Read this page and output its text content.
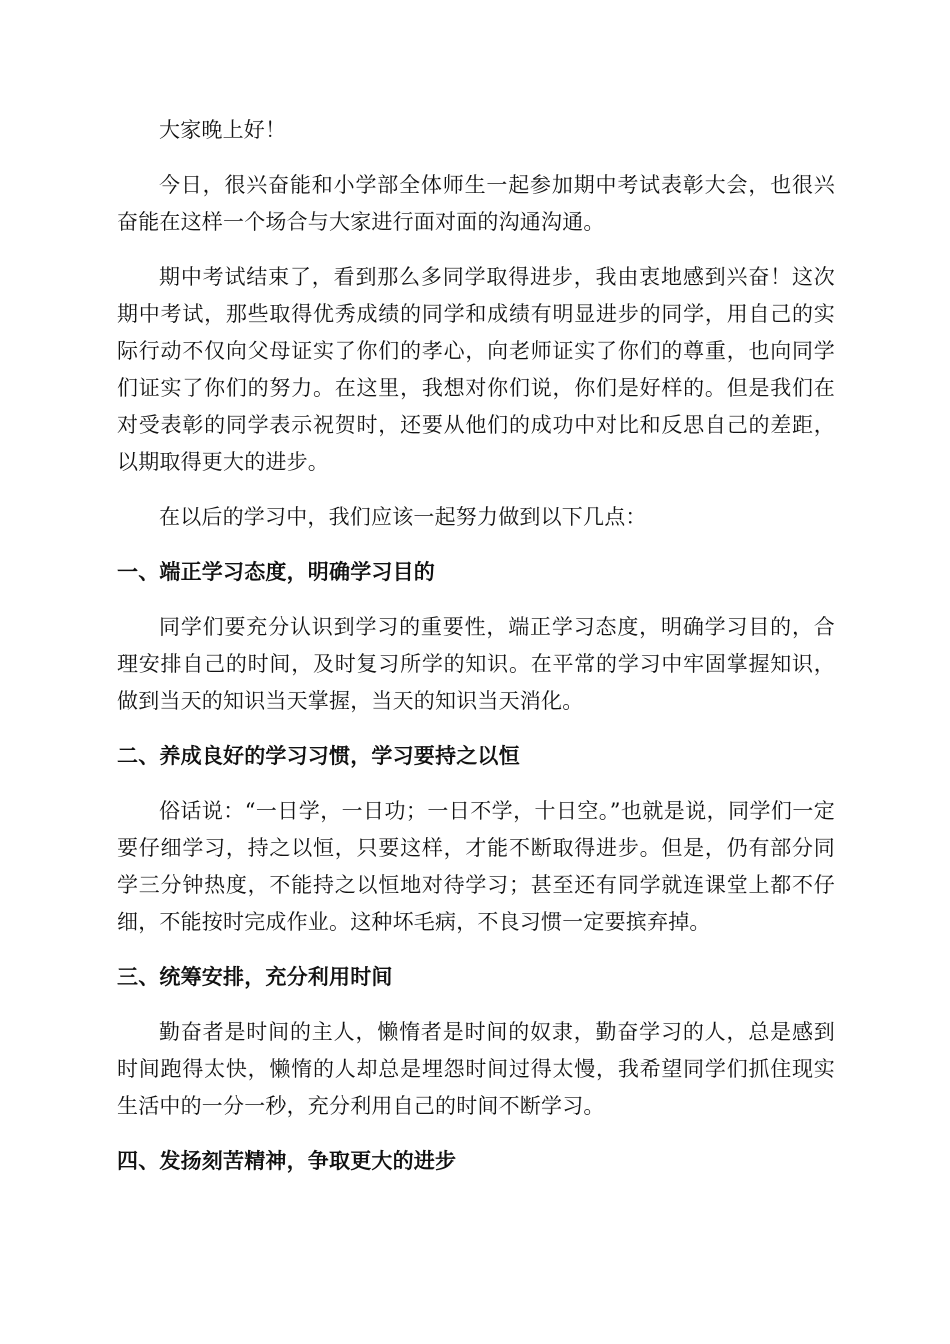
大家晚上好！

今日，很兴奋能和小学部全体师生一起参加期中考试表彰大会，也很兴奋能在这样一个场合与大家进行面对面的沟通沟通。

期中考试结束了，看到那么多同学取得进步，我由衷地感到兴奋！这次期中考试，那些取得优秀成绩的同学和成绩有明显进步的同学，用自己的实际行动不仅向父母证实了你们的孝心，向老师证实了你们的尊重，也向同学们证实了你们的努力。在这里，我想对你们说，你们是好样的。但是我们在对受表彰的同学表示祝贺时，还要从他们的成功中对比和反思自己的差距，以期取得更大的进步。

在以后的学习中，我们应该一起努力做到以下几点：

一、端正学习态度，明确学习目的

同学们要充分认识到学习的重要性，端正学习态度，明确学习目的，合理安排自己的时间，及时复习所学的知识。在平常的学习中牢固掌握知识，做到当天的知识当天掌握，当天的知识当天消化。

二、养成良好的学习习惯，学习要持之以恒

俗话说：“一日学，一日功；一日不学，十日空。”也就是说，同学们一定要仔细学习，持之以恒，只要这样，才能不断取得进步。但是，仍有部分同学三分钟热度，不能持之以恒地对待学习；甚至还有同学就连课堂上都不仔细，不能按时完成作业。这种坏毛病，不良习惯一定要摈弃掉。

三、统筹安排，充分利用时间

勤奋者是时间的主人，懒惰者是时间的奴隶，勤奋学习的人，总是感到时间跑得太快，懒惰的人却总是埋怨时间过得太慢，我希望同学们抓住现实生活中的一分一秒，充分利用自己的时间不断学习。

四、发扬刻苦精神，争取更大的进步
